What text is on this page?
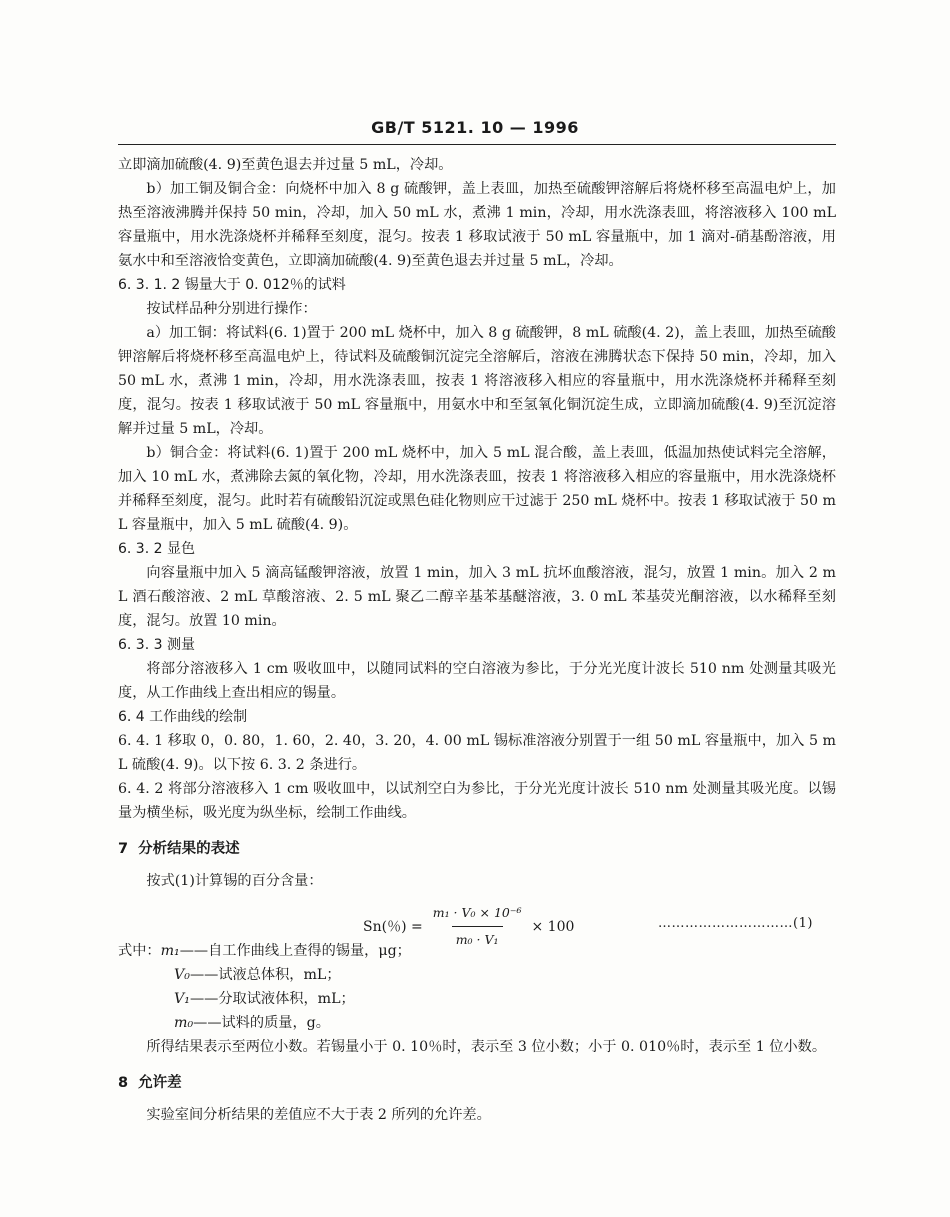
GB/T 5121. 10 — 1996

立即滴加硫酸(4. 9)至黄色退去并过量 5 mL，冷却。

b）加工铜及铜合金：向烧杯中加入 8 g 硫酸钾，盖上表皿，加热至硫酸钾溶解后将烧杯移至高温电炉上，加热至溶液沸腾并保持 50 min，冷却，加入 50 mL 水，煮沸 1 min，冷却，用水洗涤表皿，将溶液移入 100 mL 容量瓶中，用水洗涤烧杯并稀释至刻度，混匀。按表 1 移取试液于 50 mL 容量瓶中，加 1 滴对-硝基酚溶液，用氨水中和至溶液恰变黄色，立即滴加硫酸(4. 9)至黄色退去并过量 5 mL，冷却。

6. 3. 1. 2 锡量大于 0. 012％的试料

按试样品种分别进行操作：

a）加工铜：将试料(6. 1)置于 200 mL 烧杯中，加入 8 g 硫酸钾，8 mL 硫酸(4. 2)，盖上表皿，加热至硫酸钾溶解后将烧杯移至高温电炉上，待试料及硫酸铜沉淀完全溶解后，溶液在沸腾状态下保持 50 min，冷却，加入 50 mL 水，煮沸 1 min，冷却，用水洗涤表皿，按表 1 将溶液移入相应的容量瓶中，用水洗涤烧杯并稀释至刻度，混匀。按表 1 移取试液于 50 mL 容量瓶中，用氨水中和至氢氧化铜沉淀生成，立即滴加硫酸(4. 9)至沉淀溶解并过量 5 mL，冷却。

b）铜合金：将试料(6. 1)置于 200 mL 烧杯中，加入 5 mL 混合酸，盖上表皿，低温加热使试料完全溶解，加入 10 mL 水，煮沸除去氮的氧化物，冷却，用水洗涤表皿，按表 1 将溶液移入相应的容量瓶中，用水洗涤烧杯并稀释至刻度，混匀。此时若有硫酸铅沉淀或黑色硅化物则应干过滤于 250 mL 烧杯中。按表 1 移取试液于 50 mL 容量瓶中，加入 5 mL 硫酸(4. 9)。

6. 3. 2 显色

向容量瓶中加入 5 滴高锰酸钾溶液，放置 1 min，加入 3 mL 抗坏血酸溶液，混匀，放置 1 min。加入 2 mL 酒石酸溶液、2 mL 草酸溶液、2. 5 mL 聚乙二醇辛基苯基醚溶液，3. 0 mL 苯基荧光酮溶液，以水稀释至刻度，混匀。放置 10 min。

6. 3. 3 测量

将部分溶液移入 1 cm 吸收皿中，以随同试料的空白溶液为参比，于分光光度计波长 510 nm 处测量其吸光度，从工作曲线上查出相应的锡量。

6. 4 工作曲线的绘制

6. 4. 1 移取 0，0. 80，1. 60，2. 40，3. 20，4. 00 mL 锡标准溶液分别置于一组 50 mL 容量瓶中，加入 5 mL 硫酸(4. 9)。以下按 6. 3. 2 条进行。

6. 4. 2 将部分溶液移入 1 cm 吸收皿中，以试剂空白为参比，于分光光度计波长 510 nm 处测量其吸光度。以锡量为横坐标，吸光度为纵坐标，绘制工作曲线。

7 分析结果的表述

按式(1)计算锡的百分含量：

Sn(％) = $\frac{\text{m₁ · V₀ × 10⁻⁶}}{\text{m₀ · V₁}} \times 100$	…………………………(1)

式中：m₁——自工作曲线上查得的锡量，μg；

V₀——试液总体积，mL；

V₁——分取试液体积，mL；

m₀——试料的质量，g。

所得结果表示至两位小数。若锡量小于 0. 10％时，表示至 3 位小数；小于 0. 010％时，表示至 1 位小数。

8 允许差

实验室间分析结果的差值应不大于表 2 所列的允许差。
